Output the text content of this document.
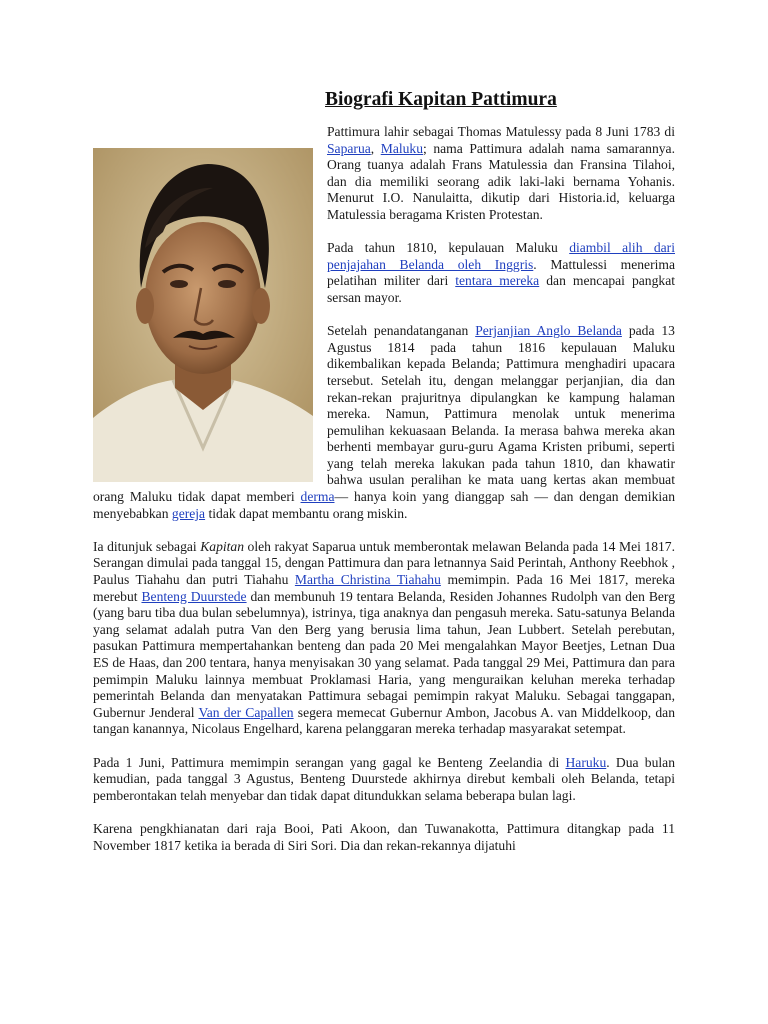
Biografi Kapitan Pattimura

Pattimura lahir sebagai Thomas Matulessy pada 8 Juni 1783 di Saparua, Maluku; nama Pattimura adalah nama samarannya. Orang tuanya adalah Frans Matulessia dan Fransina Tilahoi, dan dia memiliki seorang adik laki-laki bernama Yohanis. Menurut I.O. Nanulaitta, dikutip dari Historia.id, keluarga Matulessia beragama Kristen Protestan.

Pada tahun 1810, kepulauan Maluku diambil alih dari penjajahan Belanda oleh Inggris. Mattulessi menerima pelatihan militer dari tentara mereka dan mencapai pangkat sersan mayor.

Setelah penandatanganan Perjanjian Anglo Belanda pada 13 Agustus 1814 pada tahun 1816 kepulauan Maluku dikembalikan kepada Belanda; Pattimura menghadiri upacara tersebut. Setelah itu, dengan melanggar perjanjian, dia dan rekan-rekan prajuritnya dipulangkan ke kampung halaman mereka. Namun, Pattimura menolak untuk menerima pemulihan kekuasaan Belanda. Ia merasa bahwa mereka akan berhenti membayar guru-guru Agama Kristen pribumi, seperti yang telah mereka lakukan pada tahun 1810, dan khawatir bahwa usulan peralihan ke mata uang kertas akan membuat orang Maluku tidak dapat memberi derma— hanya koin yang dianggap sah — dan dengan demikian menyebabkan gereja tidak dapat membantu orang miskin.

Ia ditunjuk sebagai Kapitan oleh rakyat Saparua untuk memberontak melawan Belanda pada 14 Mei 1817. Serangan dimulai pada tanggal 15, dengan Pattimura dan para letnannya Said Perintah, Anthony Reebhok , Paulus Tiahahu dan putri Tiahahu Martha Christina Tiahahu memimpin. Pada 16 Mei 1817, mereka merebut Benteng Duurstede dan membunuh 19 tentara Belanda, Residen Johannes Rudolph van den Berg (yang baru tiba dua bulan sebelumnya), istrinya, tiga anaknya dan pengasuh mereka. Satu-satunya Belanda yang selamat adalah putra Van den Berg yang berusia lima tahun, Jean Lubbert. Setelah perebutan, pasukan Pattimura mempertahankan benteng dan pada 20 Mei mengalahkan Mayor Beetjes, Letnan Dua ES de Haas, dan 200 tentara, hanya menyisakan 30 yang selamat. Pada tanggal 29 Mei, Pattimura dan para pemimpin Maluku lainnya membuat Proklamasi Haria, yang menguraikan keluhan mereka terhadap pemerintah Belanda dan menyatakan Pattimura sebagai pemimpin rakyat Maluku. Sebagai tanggapan, Gubernur Jenderal Van der Capallen segera memecat Gubernur Ambon, Jacobus A. van Middelkoop, dan tangan kanannya, Nicolaus Engelhard, karena pelanggaran mereka terhadap masyarakat setempat.

Pada 1 Juni, Pattimura memimpin serangan yang gagal ke Benteng Zeelandia di Haruku. Dua bulan kemudian, pada tanggal 3 Agustus, Benteng Duurstede akhirnya direbut kembali oleh Belanda, tetapi pemberontakan telah menyebar dan tidak dapat ditundukkan selama beberapa bulan lagi.

Karena pengkhianatan dari raja Booi, Pati Akoon, dan Tuwanakotta, Pattimura ditangkap pada 11 November 1817 ketika ia berada di Siri Sori. Dia dan rekan-rekannya dijatuhi
